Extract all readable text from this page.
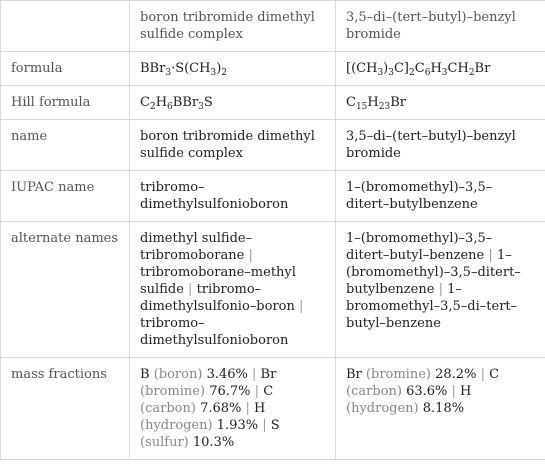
	boron tribromide dimethyl sulfide complex	3,5–di–(tert–butyl)–benzyl bromide
formula	$BBr_3\cdot S(CH_3)_2$	$[(CH_3)_3C]_2C_6H_3CH_2Br$
Hill formula	$C_2H_6BBr_3S$	$C_{15}H_{23}Br$
name	boron tribromide dimethyl sulfide complex	3,5–di–(tert–butyl)–benzyl bromide
IUPAC name	tribromo–dimethylsulfonioboron	1–(bromomethyl)–3,5–ditert–butylbenzene
alternate names	dimethyl sulfide–tribromoborane | tribromoborane–methyl sulfide | tribromo–dimethylsulfonio–boron | tribromo–dimethylsulfonioboron	1–(bromomethyl)–3,5–ditert–butyl–benzene | 1–(bromomethyl)–3,5–ditert–butylbenzene | 1–bromomethyl–3,5–di–tert–butyl–benzene
mass fractions	B (boron) 3.46% | Br (bromine) 76.7% | C (carbon) 7.68% | H (hydrogen) 1.93% | S (sulfur) 10.3%	Br (bromine) 28.2% | C (carbon) 63.6% | H (hydrogen) 8.18%
